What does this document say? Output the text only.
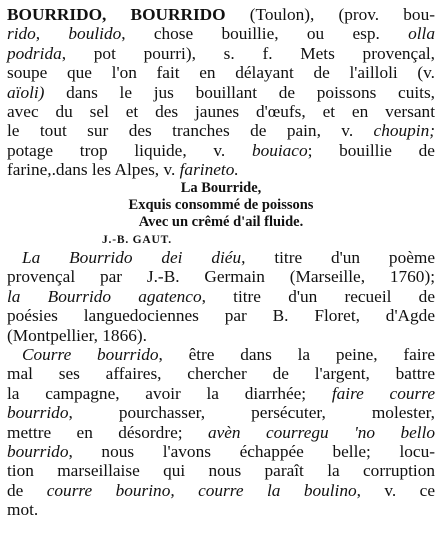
BOURRIDO, BOURRIDO (Toulon), (prov. bou-
rido, boulido, chose bouillie, ou esp. olla
podrida, pot pourri), s. f. Mets provençal,
soupe que l'on fait en délayant de l'ailloli (v.
aïoli) dans le jus bouillant de poissons cuits,
avec du sel et des jaunes d'œufs, et en versant
le tout sur des tranches de pain, v. choupin;
potage trop liquide, v. bouiaco; bouillie de
farine,.dans les Alpes, v. farineto.
La Bourride,
Exquis consommé de poissons
Avec un crêmé d'ail fluide.
J.-B. GAUT.
La Bourrido dei diéu, titre d'un poème
provençal par J.-B. Germain (Marseille, 1760);
la Bourrido agatenco, titre d'un recueil de
poésies languedociennes par B. Floret, d'Agde
(Montpellier, 1866).
Courre bourrido, être dans la peine, faire
mal ses affaires, chercher de l'argent, battre
la campagne, avoir la diarrhée; faire courre
bourrido, pourchasser, persécuter, molester,
mettre en désordre; avèn courregu 'no bello
bourrido, nous l'avons échappée belle; locu-
tion marseillaise qui nous paraît la corruption
de courre bourino, courre la boulino, v. ce
mot.
